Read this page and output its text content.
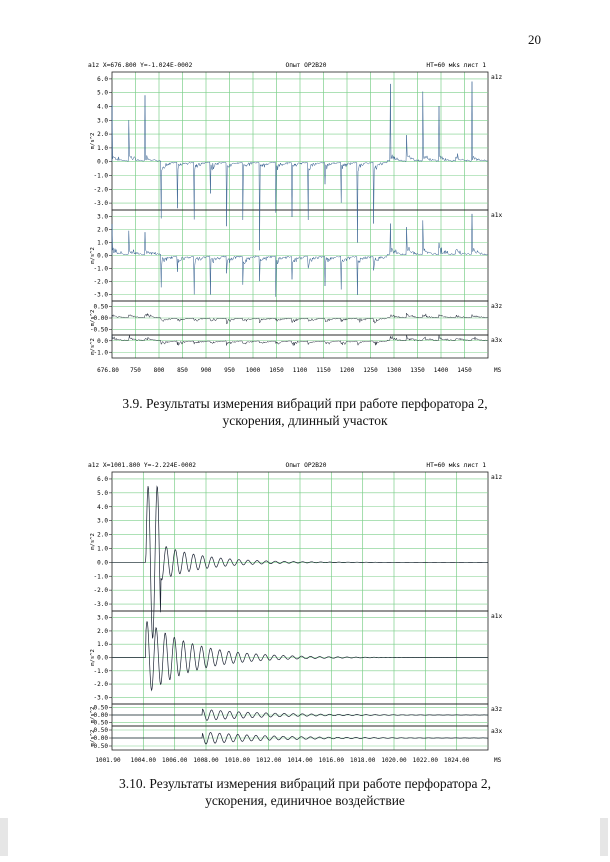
20
a1z X=676.800 Y=-1.024E-0002	Опыт OP2B20	НТ=60 мks лист 1
6.0
5.0
4.0
3.0
2.0
1.0
0.0
-1.0
-2.0
-3.0
a1z
m/s^2
3.0
2.0
1.0
0.0
-1.0
-2.0
-3.0
a1x
m/s^2
0.50
0.00
-0.50
a3z
m/s^2
0.0
-1.0
a3x
m/s^2
676.80 750 800 850 900 950 1000 1050 1100 1150 1200 1250 1300 1350 1400 1450	MS
3.9. Результаты измерения вибраций при работе перфоратора 2,
ускорения, длинный участок
a1z X=1001.800 Y=-2.224E-0002	Опыт OP2B20	НТ=60 мks лист 1
6.0
5.0
4.0
3.0
2.0
1.0
0.0
-1.0
-2.0
-3.0
a1z
m/s^2
3.0
2.0
1.0
0.0
-1.0
-2.0
-3.0
a1x
m/s^2
0.50
0.00
-0.50
a3z
m/s^2
0.50
0.00
-0.50
a3x
m/s^2
1001.90 1004.00 1006.00 1008.00 1010.00 1012.00 1014.00 1016.00 1018.00 1020.00 1022.00 1024.00	MS
3.10. Результаты измерения вибраций при работе перфоратора 2,
ускорения, единичное воздействие
